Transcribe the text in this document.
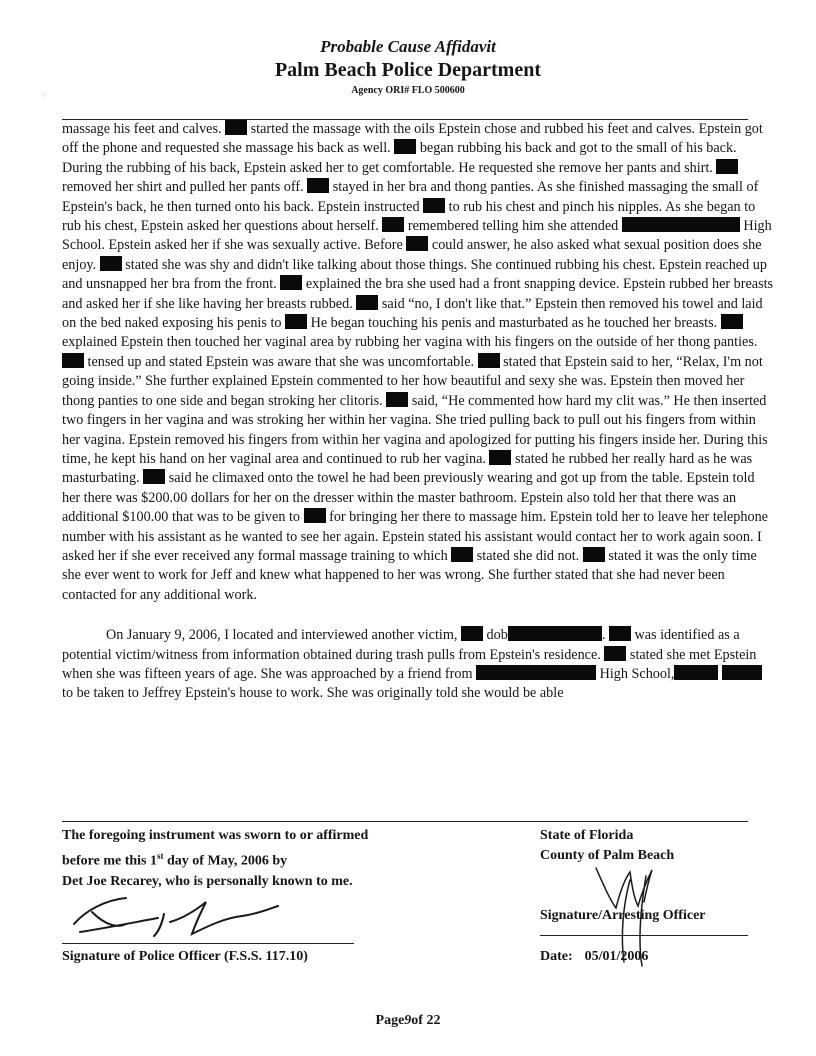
Probable Cause Affidavit
Palm Beach Police Department
Agency ORI# FLO 500600
○

massage his feet and calves. started the massage with the oils Epstein chose and rubbed his feet and calves. Epstein got off the phone and requested she massage his back as well. began rubbing his back and got to the small of his back. During the rubbing of his back, Epstein asked her to get comfortable. He requested she remove her pants and shirt.  removed her shirt and pulled her pants off. stayed in her bra and thong panties. As she finished massaging the small of Epstein's back, he then turned onto his back. Epstein instructed to rub his chest and pinch his nipples. As she began to rub his chest, Epstein asked her questions about herself. remembered telling him she attended	High School. Epstein asked her if she was sexually active. Before could answer, he also asked what sexual position does she enjoy. stated she was shy and didn't like talking about those things. She continued rubbing his chest. Epstein reached up and unsnapped her bra from the front. explained the bra she used had a front snapping device. Epstein rubbed her breasts and asked her if she like having her breasts rubbed. said “no, I don't like that.” Epstein then removed his towel and laid on the bed naked exposing his penis to He began touching his penis and masturbated as he touched her breasts.  explained Epstein then touched her vaginal area by rubbing her vagina with his fingers on the outside of her thong panties.  tensed up and stated Epstein was aware that she was uncomfortable. stated that Epstein said to her, “Relax, I'm not going inside.” She further explained Epstein commented to her how beautiful and sexy she was. Epstein then moved her thong panties to one side and began stroking her clitoris. said, “He commented how hard my clit was.” He then inserted two fingers in her vagina and was stroking her within her vagina. She tried pulling back to pull out his fingers from within her vagina. Epstein removed his fingers from within her vagina and apologized for putting his fingers inside her. During this time, he kept his hand on her vaginal area and continued to rub her vagina. stated he rubbed her really hard as he was masturbating. said he climaxed onto the towel he had been previously wearing and got up from the table. Epstein told her there was $200.00 dollars for her on the dresser within the master bathroom. Epstein also told her that there was an additional $100.00 that was to be given to for bringing her there to massage him. Epstein told her to leave her telephone number with his assistant as he wanted to see her again. Epstein stated his assistant would contact her to work again soon. I asked her if she ever received any formal massage training to which stated she did not. stated it was the only time she ever went to work for Jeff and knew what happened to her was wrong. She further stated that she had never been contacted for any additional work.

On January 9, 2006, I located and interviewed another victim, dob	. was identified as a potential victim/witness from information obtained during trash pulls from Epstein's residence. stated she met Epstein when she was fifteen years of age. She was approached by a friend from	High School,  to be taken to Jeffrey Epstein's house to work. She was originally told she would be able

The foregoing instrument was sworn to or affirmed
before me this 1st day of May, 2006 by
Det Joe Recarey, who is personally known to me.
Signature of Police Officer (F.S.S. 117.10)
State of Florida
County of Palm Beach
Signature/Arresting Officer
Date: 05/01/2006
Page9of 22
